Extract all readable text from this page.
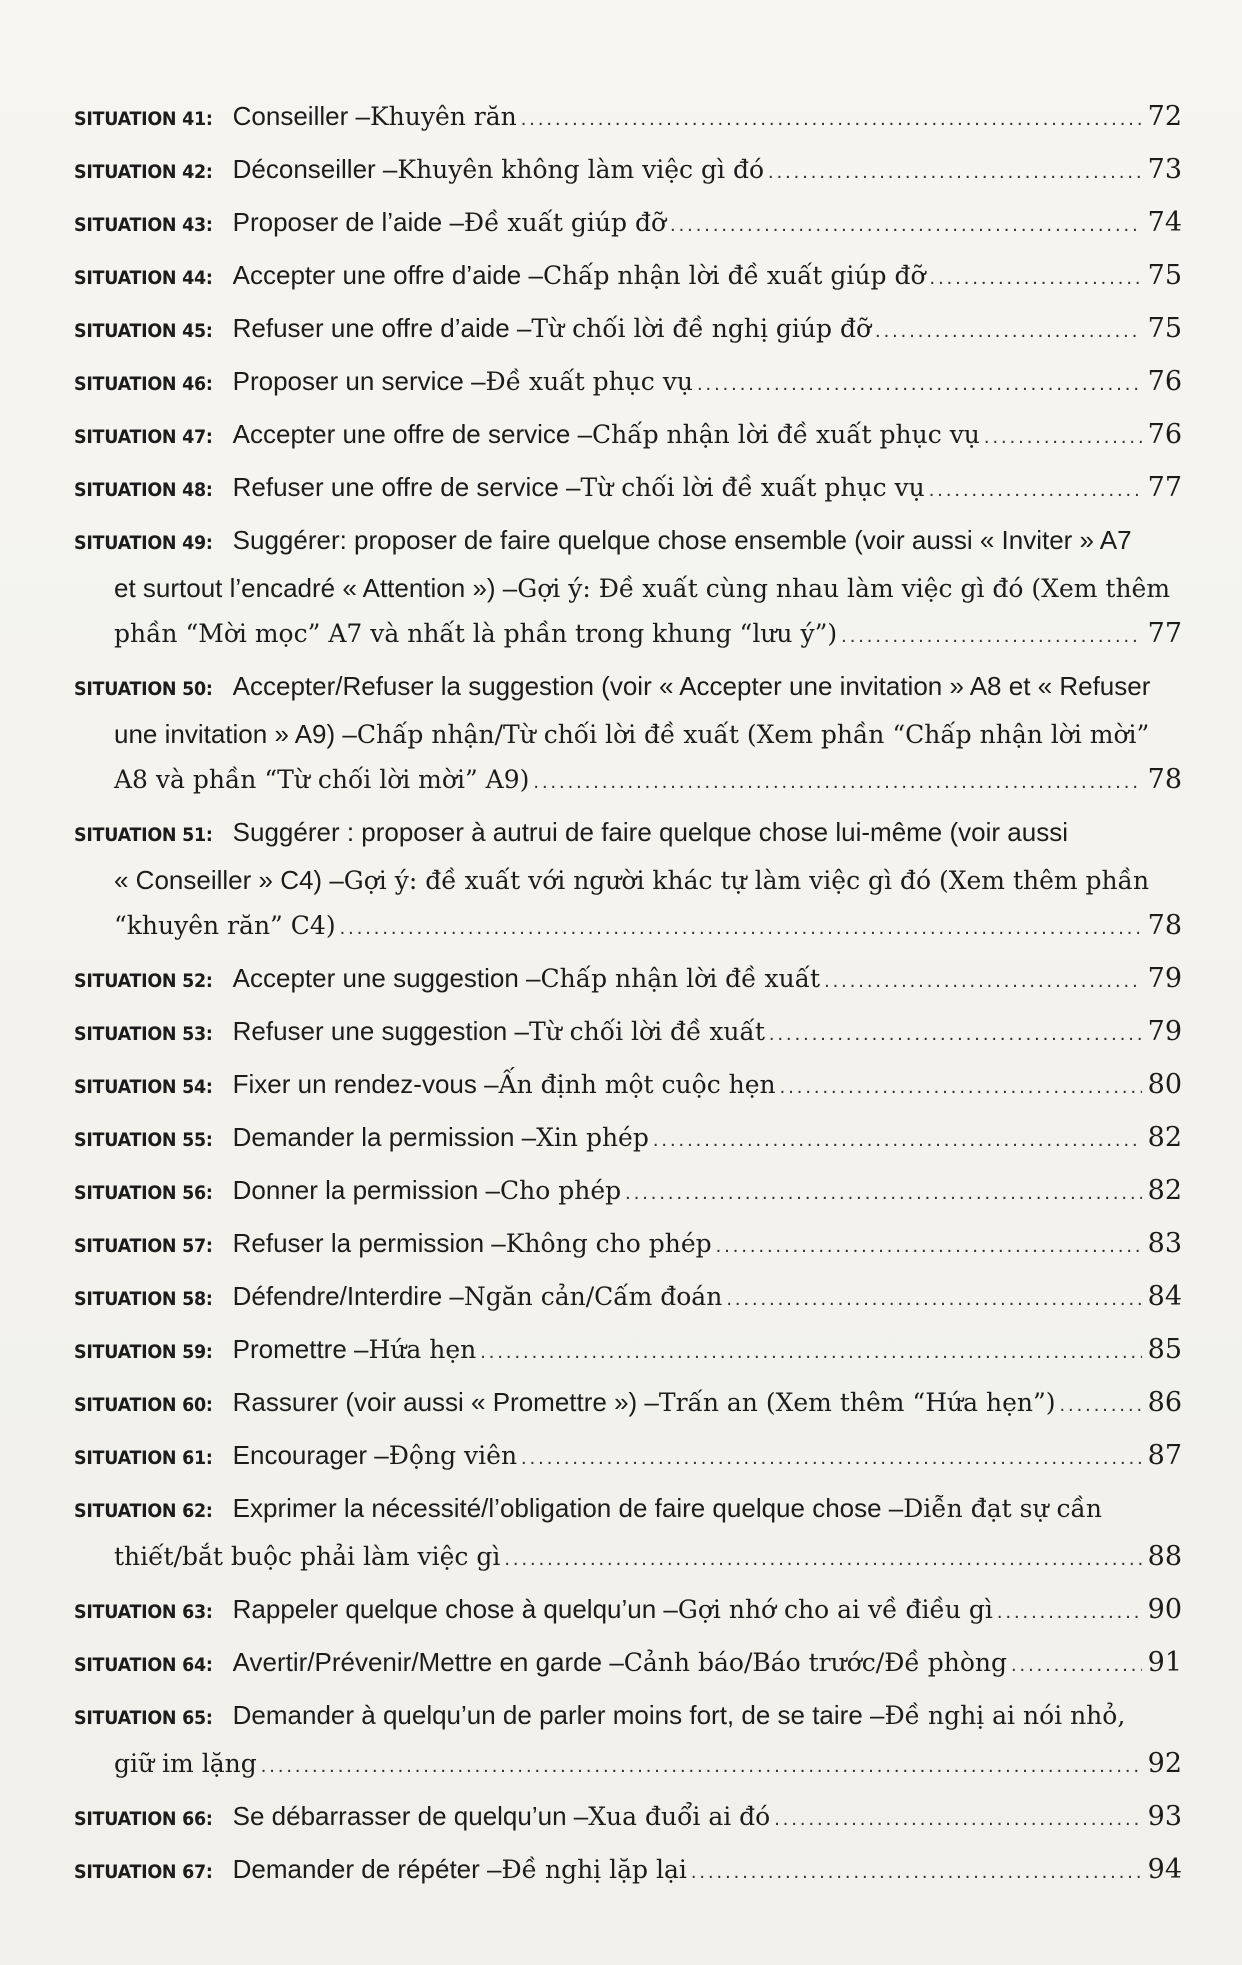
SITUATION 41: Conseiller – Khuyên răn .....	72
SITUATION 42: Déconseiller – Khuyên không làm việc gì đó .....	73
SITUATION 43: Proposer de l’aide – Đề xuất giúp đỡ .....	74
SITUATION 44: Accepter une offre d’aide – Chấp nhận lời đề xuất giúp đỡ .....	75
SITUATION 45: Refuser une offre d’aide – Từ chối lời đề nghị giúp đỡ .....	75
SITUATION 46: Proposer un service – Đề xuất phục vụ .....	76
SITUATION 47: Accepter une offre de service – Chấp nhận lời đề xuất phục vụ .....	76
SITUATION 48: Refuser une offre de service – Từ chối lời đề xuất phục vụ .....	77
SITUATION 49: Suggérer: proposer de faire quelque chose ensemble (voir aussi « Inviter » A7
et surtout l’encadré « Attention ») – Gợi ý: Đề xuất cùng nhau làm việc gì đó (Xem thêm
phần “Mời mọc” A7 và nhất là phần trong khung “lưu ý”) .....	77
SITUATION 50: Accepter/Refuser la suggestion (voir « Accepter une invitation » A8 et « Refuser
une invitation » A9) – Chấp nhận/Từ chối lời đề xuất (Xem phần “Chấp nhận lời mời”
A8 và phần “Từ chối lời mời” A9) .....	78
SITUATION 51: Suggérer : proposer à autrui de faire quelque chose lui-même (voir aussi
« Conseiller » C4) – Gợi ý: đề xuất với người khác tự làm việc gì đó (Xem thêm phần
“khuyên răn” C4) .....	78
SITUATION 52: Accepter une suggestion – Chấp nhận lời đề xuất .....	79
SITUATION 53: Refuser une suggestion – Từ chối lời đề xuất .....	79
SITUATION 54: Fixer un rendez-vous – Ấn định một cuộc hẹn .....	80
SITUATION 55: Demander la permission – Xin phép .....	82
SITUATION 56: Donner la permission – Cho phép .....	82
SITUATION 57: Refuser la permission – Không cho phép .....	83
SITUATION 58: Défendre/Interdire – Ngăn cản/Cấm đoán .....	84
SITUATION 59: Promettre – Hứa hẹn .....	85
SITUATION 60: Rassurer (voir aussi « Promettre ») – Trấn an (Xem thêm “Hứa hẹn”) .....	86
SITUATION 61: Encourager – Động viên .....	87
SITUATION 62: Exprimer la nécessité/l’obligation de faire quelque chose – Diễn đạt sự cần
thiết/bắt buộc phải làm việc gì .....	88
SITUATION 63: Rappeler quelque chose à quelqu’un – Gợi nhớ cho ai về điều gì .....	90
SITUATION 64: Avertir/Prévenir/Mettre en garde – Cảnh báo/Báo trước/Đề phòng .....	91
SITUATION 65: Demander à quelqu’un de parler moins fort, de se taire – Đề nghị ai nói nhỏ,
giữ im lặng .....	92
SITUATION 66: Se débarrasser de quelqu’un – Xua đuổi ai đó .....	93
SITUATION 67: Demander de répéter – Đề nghị lặp lại .....	94
